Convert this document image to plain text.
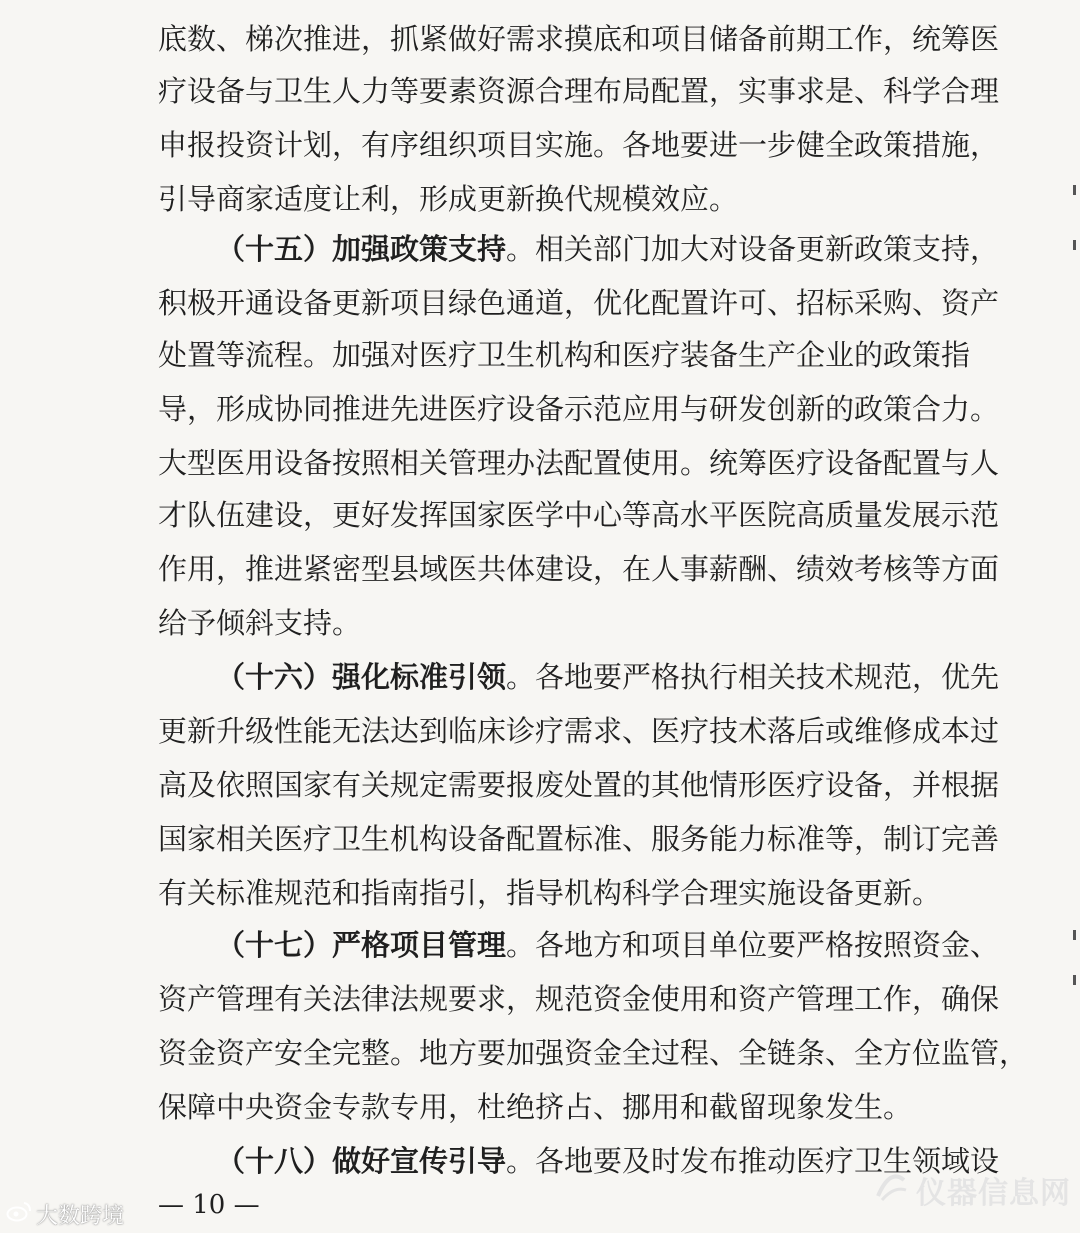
底数、梯次推进，抓紧做好需求摸底和项目储备前期工作，统筹医
疗设备与卫生人力等要素资源合理布局配置，实事求是、科学合理
申报投资计划，有序组织项目实施。各地要进一步健全政策措施，
引导商家适度让利，形成更新换代规模效应。
（十五）加强政策支持。相关部门加大对设备更新政策支持，
积极开通设备更新项目绿色通道，优化配置许可、招标采购、资产
处置等流程。加强对医疗卫生机构和医疗装备生产企业的政策指
导，形成协同推进先进医疗设备示范应用与研发创新的政策合力。
大型医用设备按照相关管理办法配置使用。统筹医疗设备配置与人
才队伍建设，更好发挥国家医学中心等高水平医院高质量发展示范
作用，推进紧密型县域医共体建设，在人事薪酬、绩效考核等方面
给予倾斜支持。
（十六）强化标准引领。各地要严格执行相关技术规范，优先
更新升级性能无法达到临床诊疗需求、医疗技术落后或维修成本过
高及依照国家有关规定需要报废处置的其他情形医疗设备，并根据
国家相关医疗卫生机构设备配置标准、服务能力标准等，制订完善
有关标准规范和指南指引，指导机构科学合理实施设备更新。
（十七）严格项目管理。各地方和项目单位要严格按照资金、
资产管理有关法律法规要求，规范资金使用和资产管理工作，确保
资金资产安全完整。地方要加强资金全过程、全链条、全方位监管，
保障中央资金专款专用，杜绝挤占、挪用和截留现象发生。
（十八）做好宣传引导。各地要及时发布推动医疗卫生领域设
— 10 —
大数跨境
仪器信息网
